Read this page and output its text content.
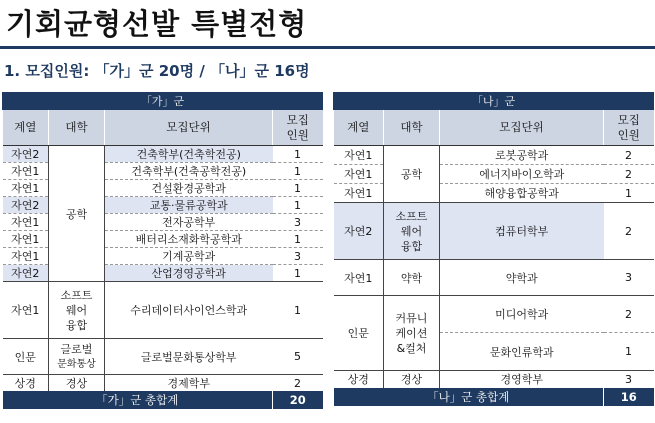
기회균형선발 특별전형
1. 모집인원: 「가」군 20명 / 「나」군 16명
「가」군			
계열	대학	모집단위	모집 인원
자연2	공학	건축학부(건축학전공)	1
자연1		건축학부(건축공학전공)	1
자연1		건설환경공학과	1
자연2		교통·물류공학과	1
자연1		전자공학부	3
자연1		배터리소재화학공학과	1
자연1		기계공학과	3
자연2		산업경영공학과	1
자연1	소프트
웨어
융합	수리데이터사이언스학과	1
인문	글로벌
문화통상	글로벌문화통상학부	5
상경	경상	경제학부	2
「가」군 총합계			20
「나」군			
계열	대학	모집단위	모집 인원
자연1	공학	로봇공학과	2
자연1		에너지바이오학과	2
자연1		해양융합공학과	1
자연2	소프트
웨어
융합	컴퓨터학부	2
자연1	약학	약학과	3
인문	커뮤니
케이션
&컬처	미디어학과	2
		문화인류학과	1
상경	경상	경영학부	3
「나」군 총합계			16
